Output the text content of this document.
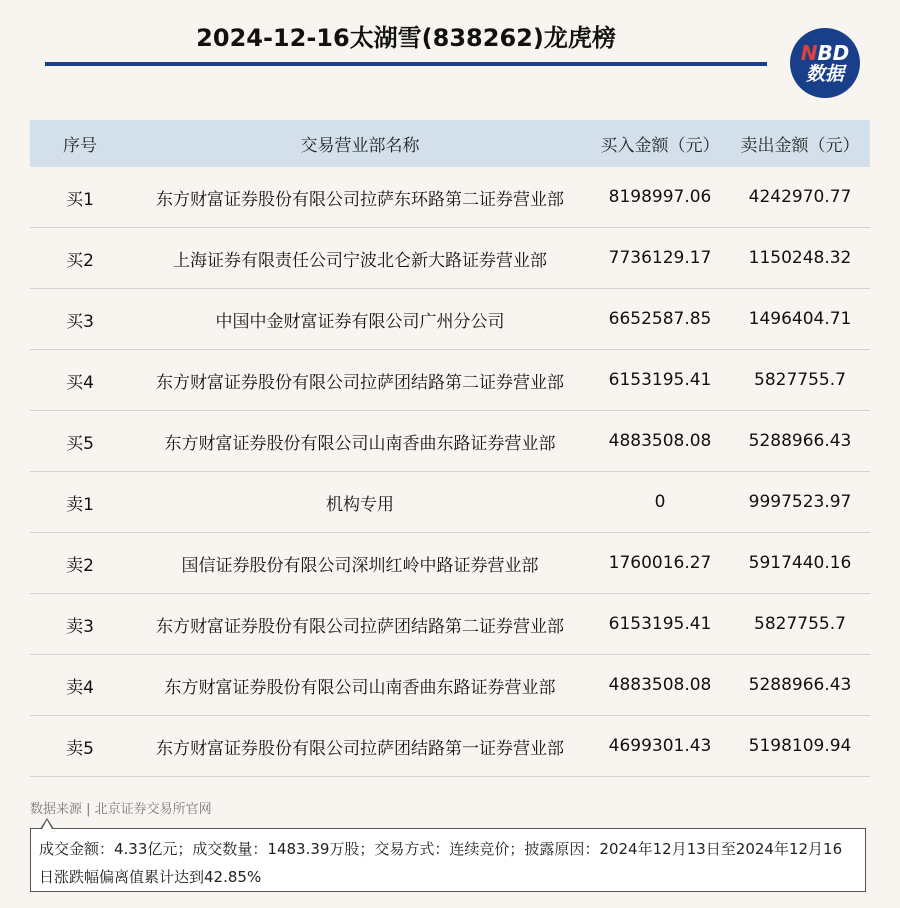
2024-12-16太湖雪(838262)龙虎榜
NBD
数据
序号	交易营业部名称	买入金额（元）	卖出金额（元）
买1	东方财富证券股份有限公司拉萨东环路第二证券营业部	8198997.06	4242970.77
买2	上海证券有限责任公司宁波北仑新大路证券营业部	7736129.17	1150248.32
买3	中国中金财富证券有限公司广州分公司	6652587.85	1496404.71
买4	东方财富证券股份有限公司拉萨团结路第二证券营业部	6153195.41	5827755.7
买5	东方财富证券股份有限公司山南香曲东路证券营业部	4883508.08	5288966.43
卖1	机构专用	0	9997523.97
卖2	国信证券股份有限公司深圳红岭中路证券营业部	1760016.27	5917440.16
卖3	东方财富证券股份有限公司拉萨团结路第二证券营业部	6153195.41	5827755.7
卖4	东方财富证券股份有限公司山南香曲东路证券营业部	4883508.08	5288966.43
卖5	东方财富证券股份有限公司拉萨团结路第一证券营业部	4699301.43	5198109.94
数据来源 | 北京证券交易所官网
成交金额：4.33亿元；成交数量：1483.39万股；交易方式：连续竞价；披露原因：2024年12月13日至2024年12月16日涨跌幅偏离值累计达到42.85%
